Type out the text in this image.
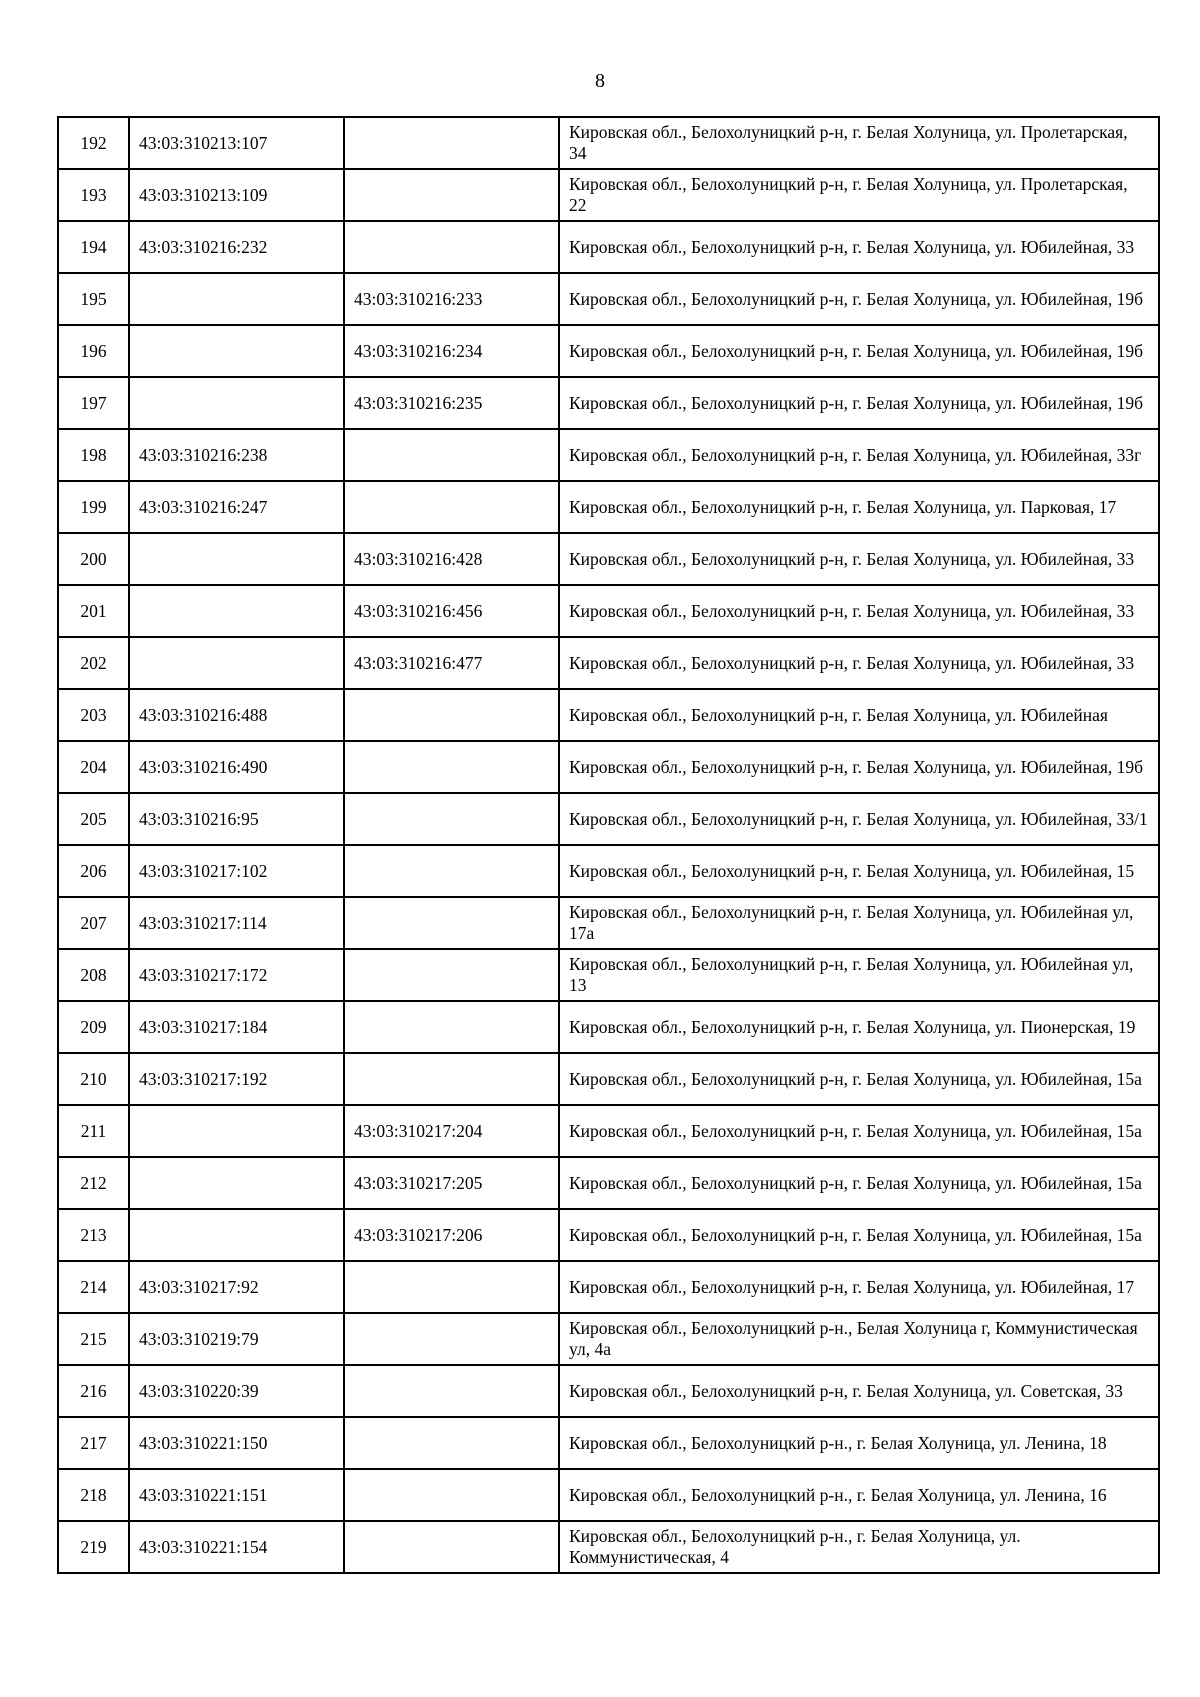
8
192	43:03:310213:107		Кировская обл., Белохолуницкий р-н, г. Белая Холуница, ул. Пролетарская, 34
193	43:03:310213:109		Кировская обл., Белохолуницкий р-н, г. Белая Холуница, ул. Пролетарская, 22
194	43:03:310216:232		Кировская обл., Белохолуницкий р-н, г. Белая Холуница, ул. Юбилейная, 33
195		43:03:310216:233	Кировская обл., Белохолуницкий р-н, г. Белая Холуница, ул. Юбилейная, 19б
196		43:03:310216:234	Кировская обл., Белохолуницкий р-н, г. Белая Холуница, ул. Юбилейная, 19б
197		43:03:310216:235	Кировская обл., Белохолуницкий р-н, г. Белая Холуница, ул. Юбилейная, 19б
198	43:03:310216:238		Кировская обл., Белохолуницкий р-н, г. Белая Холуница, ул. Юбилейная, 33г
199	43:03:310216:247		Кировская обл., Белохолуницкий р-н, г. Белая Холуница, ул. Парковая, 17
200		43:03:310216:428	Кировская обл., Белохолуницкий р-н, г. Белая Холуница, ул. Юбилейная, 33
201		43:03:310216:456	Кировская обл., Белохолуницкий р-н, г. Белая Холуница, ул. Юбилейная, 33
202		43:03:310216:477	Кировская обл., Белохолуницкий р-н, г. Белая Холуница, ул. Юбилейная, 33
203	43:03:310216:488		Кировская обл., Белохолуницкий р-н, г. Белая Холуница, ул. Юбилейная
204	43:03:310216:490		Кировская обл., Белохолуницкий р-н, г. Белая Холуница, ул. Юбилейная, 19б
205	43:03:310216:95		Кировская обл., Белохолуницкий р-н, г. Белая Холуница, ул. Юбилейная, 33/1
206	43:03:310217:102		Кировская обл., Белохолуницкий р-н, г. Белая Холуница, ул. Юбилейная, 15
207	43:03:310217:114		Кировская обл., Белохолуницкий р-н, г. Белая Холуница, ул. Юбилейная ул, 17а
208	43:03:310217:172		Кировская обл., Белохолуницкий р-н, г. Белая Холуница, ул. Юбилейная ул, 13
209	43:03:310217:184		Кировская обл., Белохолуницкий р-н, г. Белая Холуница, ул. Пионерская, 19
210	43:03:310217:192		Кировская обл., Белохолуницкий р-н, г. Белая Холуница, ул. Юбилейная, 15а
211		43:03:310217:204	Кировская обл., Белохолуницкий р-н, г. Белая Холуница, ул. Юбилейная, 15а
212		43:03:310217:205	Кировская обл., Белохолуницкий р-н, г. Белая Холуница, ул. Юбилейная, 15а
213		43:03:310217:206	Кировская обл., Белохолуницкий р-н, г. Белая Холуница, ул. Юбилейная, 15а
214	43:03:310217:92		Кировская обл., Белохолуницкий р-н, г. Белая Холуница, ул. Юбилейная, 17
215	43:03:310219:79		Кировская обл., Белохолуницкий р-н., Белая Холуница г, Коммунистическая ул, 4а
216	43:03:310220:39		Кировская обл., Белохолуницкий р-н, г. Белая Холуница, ул. Советская, 33
217	43:03:310221:150		Кировская обл., Белохолуницкий р-н., г. Белая Холуница, ул. Ленина, 18
218	43:03:310221:151		Кировская обл., Белохолуницкий р-н., г. Белая Холуница, ул. Ленина, 16
219	43:03:310221:154		Кировская обл., Белохолуницкий р-н., г. Белая Холуница, ул. Коммунистическая, 4
